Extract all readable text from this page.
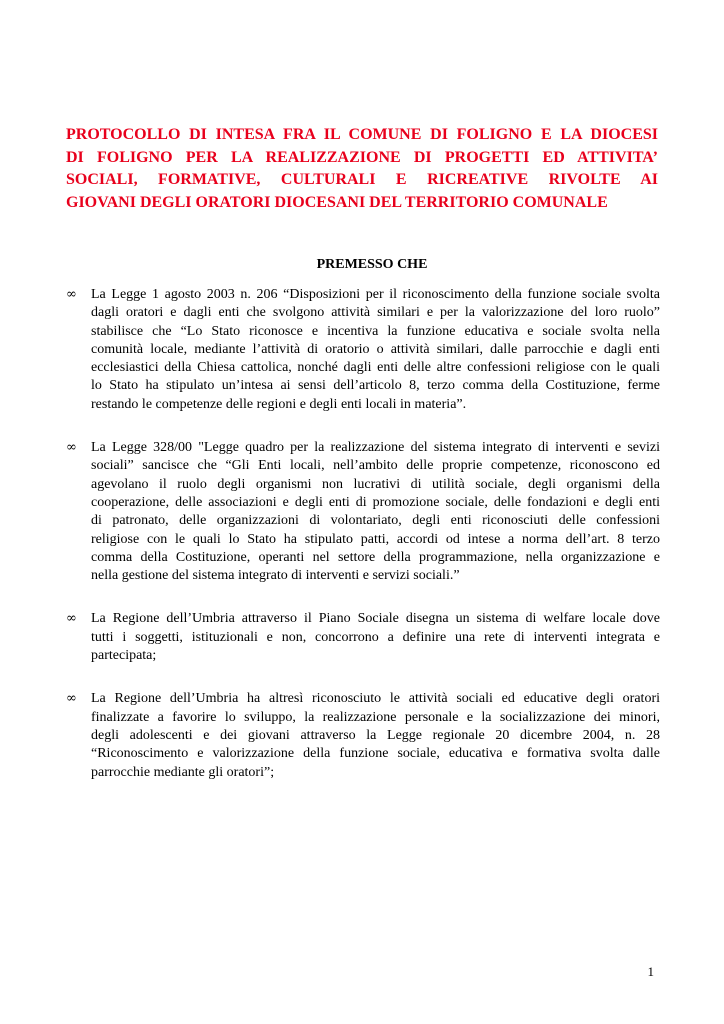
PROTOCOLLO DI INTESA FRA IL COMUNE DI FOLIGNO E LA DIOCESI
DI FOLIGNO PER LA REALIZZAZIONE DI PROGETTI ED ATTIVITA’
SOCIALI, FORMATIVE, CULTURALI E RICREATIVE RIVOLTE AI
GIOVANI DEGLI ORATORI DIOCESANI DEL TERRITORIO COMUNALE
PREMESSO CHE
∞ La Legge 1 agosto 2003 n. 206 “Disposizioni per il riconoscimento della funzione sociale svolta
dagli oratori e dagli enti che svolgono attività similari e per la valorizzazione del loro ruolo”
stabilisce che “Lo Stato riconosce e incentiva la funzione educativa e sociale svolta nella
comunità locale, mediante l’attività di oratorio o attività similari, dalle parrocchie e dagli enti
ecclesiastici della Chiesa cattolica, nonché dagli enti delle altre confessioni religiose con le quali
lo Stato ha stipulato un’intesa ai sensi dell’articolo 8, terzo comma della Costituzione, ferme
restando le competenze delle regioni e degli enti locali in materia”.
∞ La Legge 328/00 "Legge quadro per la realizzazione del sistema integrato di interventi e sevizi
sociali” sancisce che “Gli Enti locali, nell’ambito delle proprie competenze, riconoscono ed
agevolano il ruolo degli organismi non lucrativi di utilità sociale, degli organismi della
cooperazione, delle associazioni e degli enti di promozione sociale, delle fondazioni e degli enti
di patronato, delle organizzazioni di volontariato, degli enti riconosciuti delle confessioni
religiose con le quali lo Stato ha stipulato patti, accordi od intese a norma dell’art. 8 terzo
comma della Costituzione, operanti nel settore della programmazione, nella organizzazione e
nella gestione del sistema integrato di interventi e servizi sociali.”
∞ La Regione dell’Umbria attraverso il Piano Sociale disegna un sistema di welfare locale dove
tutti i soggetti, istituzionali e non, concorrono a definire una rete di interventi integrata e
partecipata;
∞ La Regione dell’Umbria ha altresì riconosciuto le attività sociali ed educative degli oratori
finalizzate a favorire lo sviluppo, la realizzazione personale e la socializzazione dei minori,
degli adolescenti e dei giovani attraverso la Legge regionale 20 dicembre 2004, n. 28
“Riconoscimento e valorizzazione della funzione sociale, educativa e formativa svolta dalle
parrocchie mediante gli oratori”;

1
